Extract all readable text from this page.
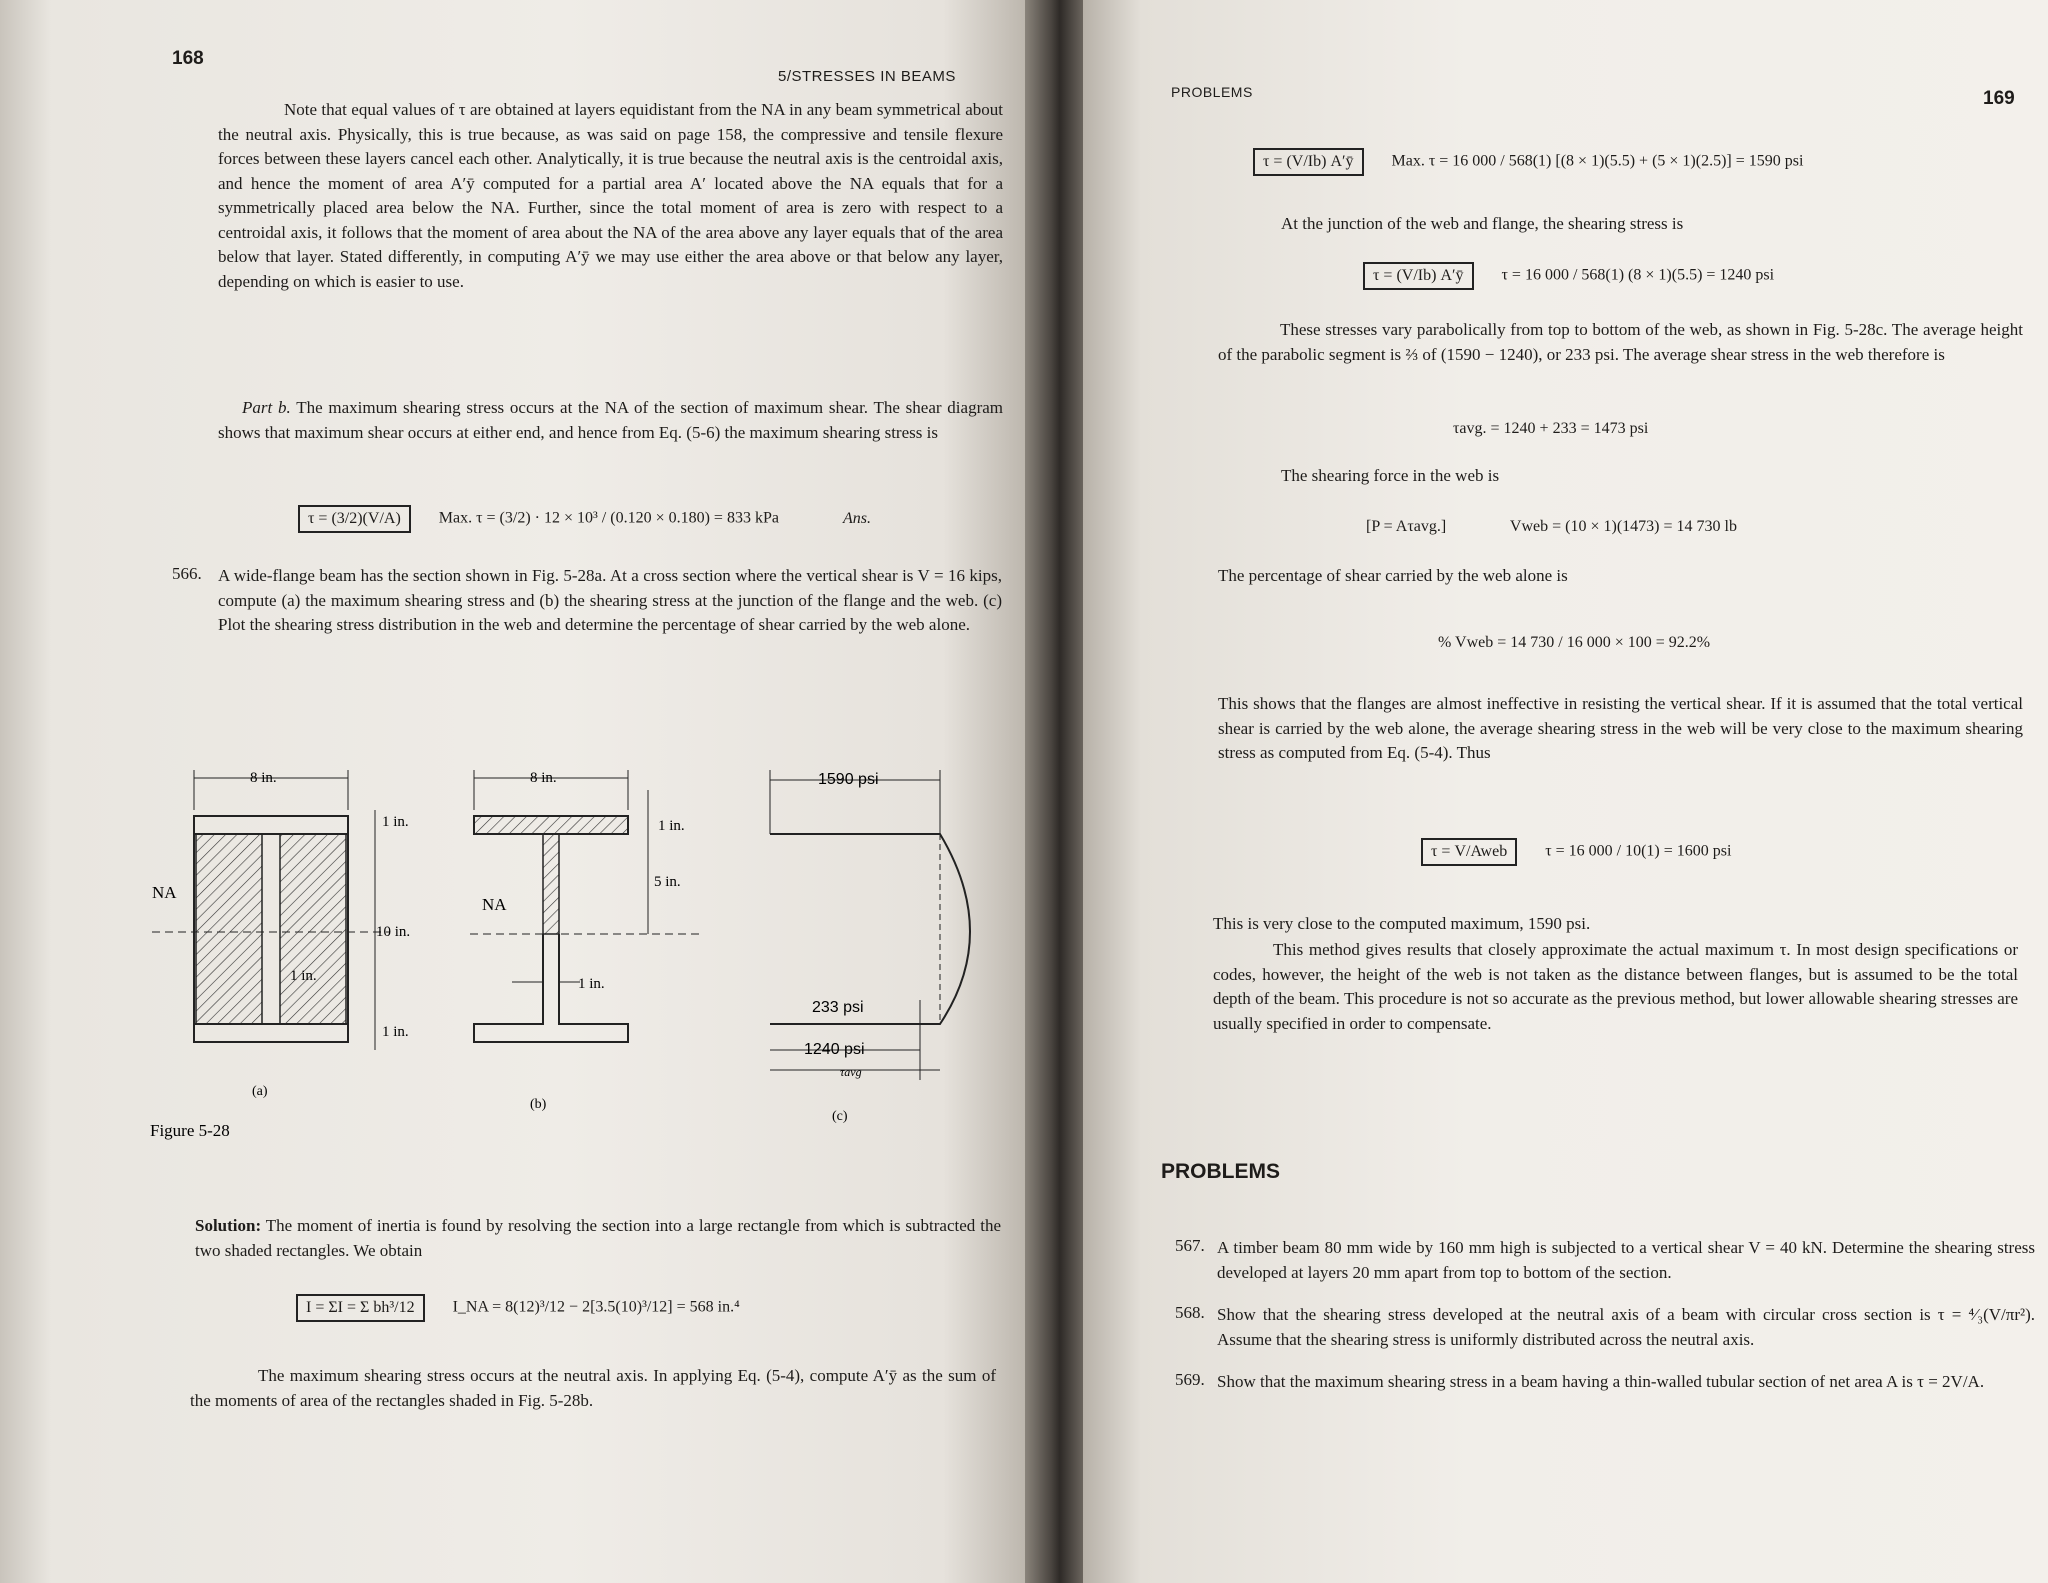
168
5/STRESSES IN BEAMS

Note that equal values of τ are obtained at layers equidistant from the NA in any beam symmetrical about the neutral axis. Physically, this is true because, as was said on page 158, the compressive and tensile flexure forces between these layers cancel each other. Analytically, it is true because the neutral axis is the centroidal axis, and hence the moment of area A′ȳ computed for a partial area A′ located above the NA equals that for a symmetrically placed area below the NA. Further, since the total moment of area is zero with respect to a centroidal axis, it follows that the moment of area about the NA of the area above any layer equals that of the area below that layer. Stated differently, in computing A′ȳ we may use either the area above or that below any layer, depending on which is easier to use.

Part b. The maximum shearing stress occurs at the NA of the section of maximum shear. The shear diagram shows that maximum shear occurs at either end, and hence from Eq. (5-6) the maximum shearing stress is

τ = (3/2)(V/A) Max. τ = (3/2) · 12 × 10³ / (0.120 × 0.180) = 833 kPa	Ans.
566. A wide-flange beam has the section shown in Fig. 5-28a. At a cross section where the vertical shear is V = 16 kips, compute (a) the maximum shearing stress and (b) the shearing stress at the junction of the flange and the web. (c) Plot the shearing stress distribution in the web and determine the percentage of shear carried by the web alone.

8 in.
1 in.
10 in.
1 in.
1 in.
NA
(a)
8 in.
1 in.
5 in.
1 in.
NA
(b)
1590 psi
233 psi
1240 psi
τavg
(c)
Figure 5-28

Solution: The moment of inertia is found by resolving the section into a large rectangle from which is subtracted the two shaded rectangles. We obtain

I = ΣI = Σ bh³/12 I_NA = 8(12)³/12 − 2[3.5(10)³/12] = 568 in.⁴

The maximum shearing stress occurs at the neutral axis. In applying Eq. (5-4), compute A′ȳ as the sum of the moments of area of the rectangles shaded in Fig. 5-28b.

PROBLEMS	169
τ = (V/Ib) A′ȳ Max. τ = 16 000 / 568(1) [(8 × 1)(5.5) + (5 × 1)(2.5)] = 1590 psi

At the junction of the web and flange, the shearing stress is

τ = (V/Ib) A′ȳ τ = 16 000 / 568(1) (8 × 1)(5.5) = 1240 psi

These stresses vary parabolically from top to bottom of the web, as shown in Fig. 5-28c. The average height of the parabolic segment is ⅔ of (1590 − 1240), or 233 psi. The average shear stress in the web therefore is

τavg. = 1240 + 233 = 1473 psi

The shearing force in the web is

[P = Aτavg.]	Vweb = (10 × 1)(1473) = 14 730 lb

The percentage of shear carried by the web alone is

% Vweb = 14 730 / 16 000 × 100 = 92.2%

This shows that the flanges are almost ineffective in resisting the vertical shear. If it is assumed that the total vertical shear is carried by the web alone, the average shearing stress in the web will be very close to the maximum shearing stress as computed from Eq. (5-4). Thus

τ = V/Aweb τ = 16 000 / 10(1) = 1600 psi

This is very close to the computed maximum, 1590 psi.

This method gives results that closely approximate the actual maximum τ. In most design specifications or codes, however, the height of the web is not taken as the distance between flanges, but is assumed to be the total depth of the beam. This procedure is not so accurate as the previous method, but lower allowable shearing stresses are usually specified in order to compensate.

PROBLEMS
567. A timber beam 80 mm wide by 160 mm high is subjected to a vertical shear V = 40 kN. Determine the shearing stress developed at layers 20 mm apart from top to bottom of the section.

568. Show that the shearing stress developed at the neutral axis of a beam with circular cross section is τ = ⁴⁄₃(V/πr²). Assume that the shearing stress is uniformly distributed across the neutral axis.

569. Show that the maximum shearing stress in a beam having a thin-walled tubular section of net area A is τ = 2V/A.
